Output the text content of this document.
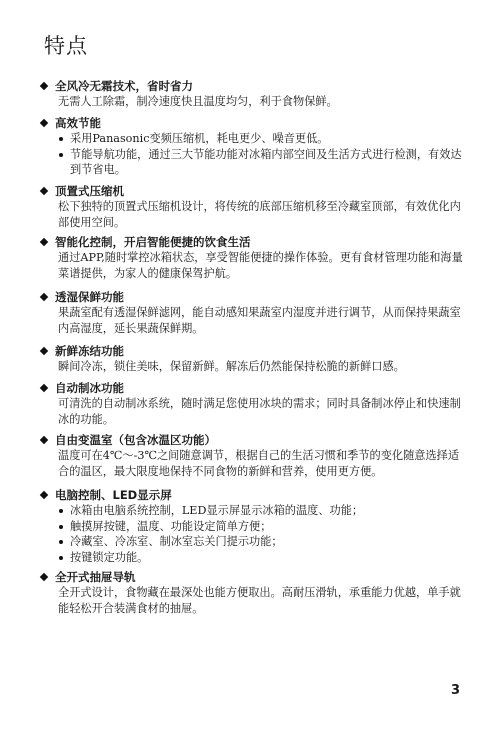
特点
全风冷无霜技术，省时省力
无需人工除霜，制冷速度快且温度均匀，利于食物保鲜。
高效节能
采用Panasonic变频压缩机，耗电更少、噪音更低。
节能导航功能，通过三大节能功能对冰箱内部空间及生活方式进行检测，有效达到节省电。
顶置式压缩机
松下独特的顶置式压缩机设计，将传统的底部压缩机移至冷藏室顶部，有效优化内部使用空间。
智能化控制，开启智能便捷的饮食生活
通过APP,随时掌控冰箱状态，享受智能便捷的操作体验。更有食材管理功能和海量菜谱提供，为家人的健康保驾护航。
透湿保鲜功能
果蔬室配有透湿保鲜滤网，能自动感知果蔬室内湿度并进行调节，从而保持果蔬室内高湿度，延长果蔬保鲜期。
新鲜冻结功能
瞬间冷冻，锁住美味，保留新鲜。解冻后仍然能保持松脆的新鲜口感。
自动制冰功能
可清洗的自动制冰系统，随时满足您使用冰块的需求；同时具备制冰停止和快速制冰的功能。
自由变温室（包含冰温区功能）
温度可在4℃～-3℃之间随意调节，根据自己的生活习惯和季节的变化随意选择适合的温区，最大限度地保持不同食物的新鲜和营养，使用更方便。
电脑控制、LED显示屏
冰箱由电脑系统控制，LED显示屏显示冰箱的温度、功能；
触摸屏按键，温度、功能设定简单方便；
冷藏室、冷冻室、制冰室忘关门提示功能；
按键锁定功能。
全开式抽屉导轨
全开式设计，食物藏在最深处也能方便取出。高耐压滑轨，承重能力优越，单手就能轻松开合装满食材的抽屉。
3
